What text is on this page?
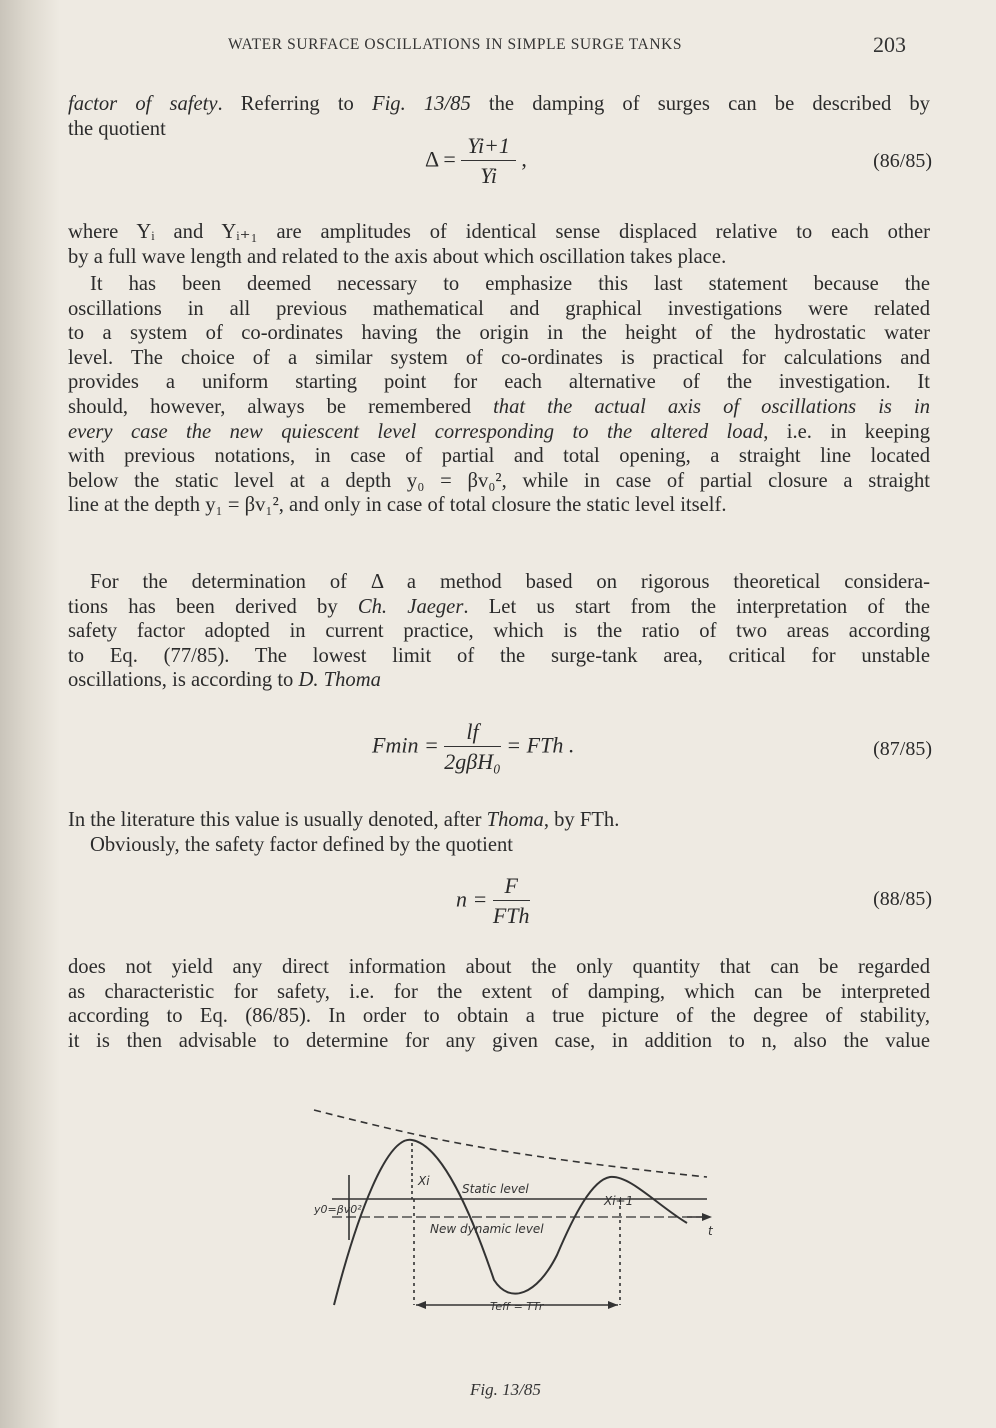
WATER SURFACE OSCILLATIONS IN SIMPLE SURGE TANKS	203
factor of safety. Referring to Fig. 13/85 the damping of surges can be described by
the quotient
$\Delta = \frac{Yi+1}{Yi}$ ,	(86/85)
where Yᵢ and Yᵢ₊₁ are amplitudes of identical sense displaced relative to each other
by a full wave length and related to the axis about which oscillation takes place.
It has been deemed necessary to emphasize this last statement because the
oscillations in all previous mathematical and graphical investigations were related
to a system of co-ordinates having the origin in the height of the hydrostatic water
level. The choice of a similar system of co-ordinates is practical for calculations and
provides a uniform starting point for each alternative of the investigation. It
should, however, always be remembered that the actual axis of oscillations is in
every case the new quiescent level corresponding to the altered load, i.e. in keeping
with previous notations, in case of partial and total opening, a straight line located
below the static level at a depth y₀ = βv₀², while in case of partial closure a straight
line at the depth y₁ = βv₁², and only in case of total closure the static level itself.
For the determination of Δ a method based on rigorous theoretical considera-
tions has been derived by Ch. Jaeger. Let us start from the interpretation of the
safety factor adopted in current practice, which is the ratio of two areas according
to Eq. (77/85). The lowest limit of the surge-tank area, critical for unstable
oscillations, is according to D. Thoma
$Fmin = \frac{lf}{\text{2gβH₀}}$ = FTh .	(87/85)
In the literature this value is usually denoted, after Thoma, by FTh.
Obviously, the safety factor defined by the quotient
$n = \frac{F}{\text{FTh}}$	(88/85)
does not yield any direct information about the only quantity that can be regarded
as characteristic for safety, i.e. for the extent of damping, which can be interpreted
according to Eq. (86/85). In order to obtain a true picture of the degree of stability,
it is then advisable to determine for any given case, in addition to n, also the value
Xi
Static level
Xi+1
y0=βv0²
New dynamic level	t
Teff = TTr
Fig. 13/85
